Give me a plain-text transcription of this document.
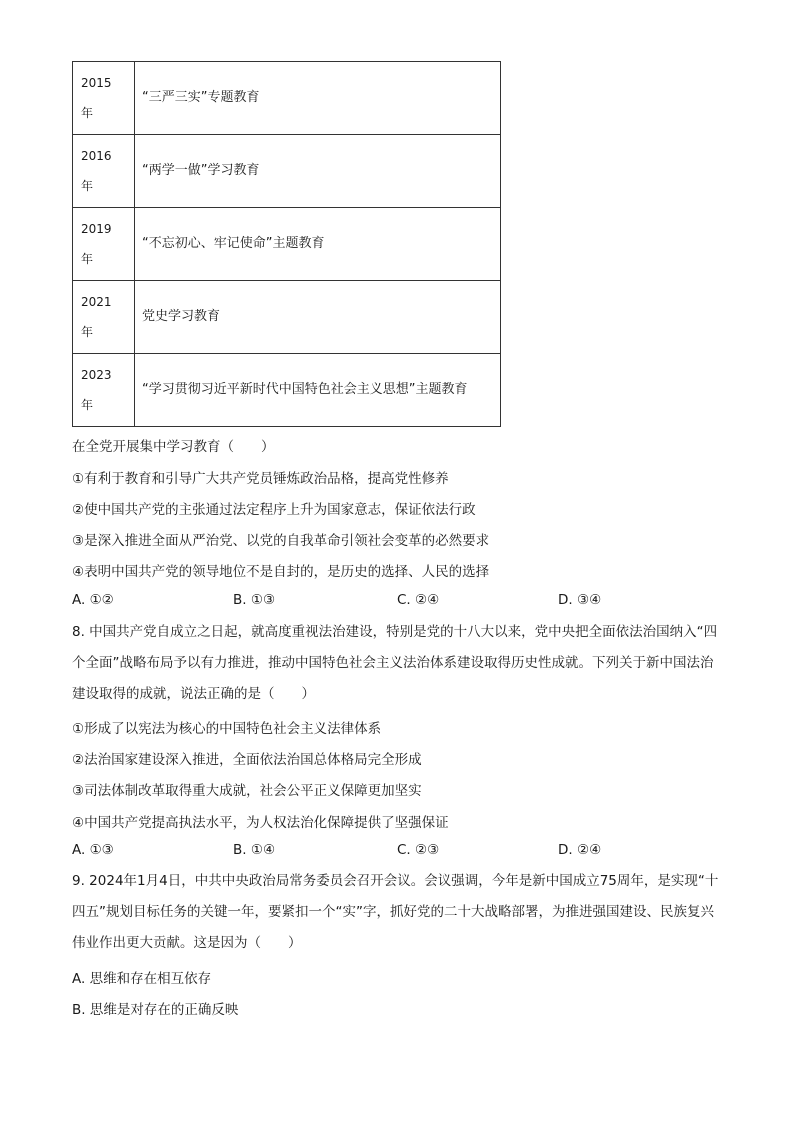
2015
年	“三严三实”专题教育

2016
年	“两学一做”学习教育

2019
年	“不忘初心、牢记使命”主题教育

2021
年	党史学习教育

2023
年	“学习贯彻习近平新时代中国特色社会主义思想”主题教育
在全党开展集中学习教育（　　）
①有利于教育和引导广大共产党员锤炼政治品格，提高党性修养
②使中国共产党的主张通过法定程序上升为国家意志，保证依法行政
③是深入推进全面从严治党、以党的自我革命引领社会变革的必然要求
④表明中国共产党的领导地位不是自封的，是历史的选择、人民的选择
A. ①②	B. ①③	C. ②④	D. ③④
8. 中国共产党自成立之日起，就高度重视法治建设，特别是党的十八大以来，党中央把全面依法治国纳入“四个全面”战略布局予以有力推进，推动中国特色社会主义法治体系建设取得历史性成就。下列关于新中国法治建设取得的成就，说法正确的是（　　）
①形成了以宪法为核心的中国特色社会主义法律体系
②法治国家建设深入推进，全面依法治国总体格局完全形成
③司法体制改革取得重大成就，社会公平正义保障更加坚实
④中国共产党提高执法水平，为人权法治化保障提供了坚强保证
A. ①③	B. ①④	C. ②③	D. ②④
9. 2024年1月4日，中共中央政治局常务委员会召开会议。会议强调，今年是新中国成立75周年，是实现“十四五”规划目标任务的关键一年，要紧扣一个“实”字，抓好党的二十大战略部署，为推进强国建设、民族复兴伟业作出更大贡献。这是因为（　　）
A. 思维和存在相互依存
B. 思维是对存在的正确反映
